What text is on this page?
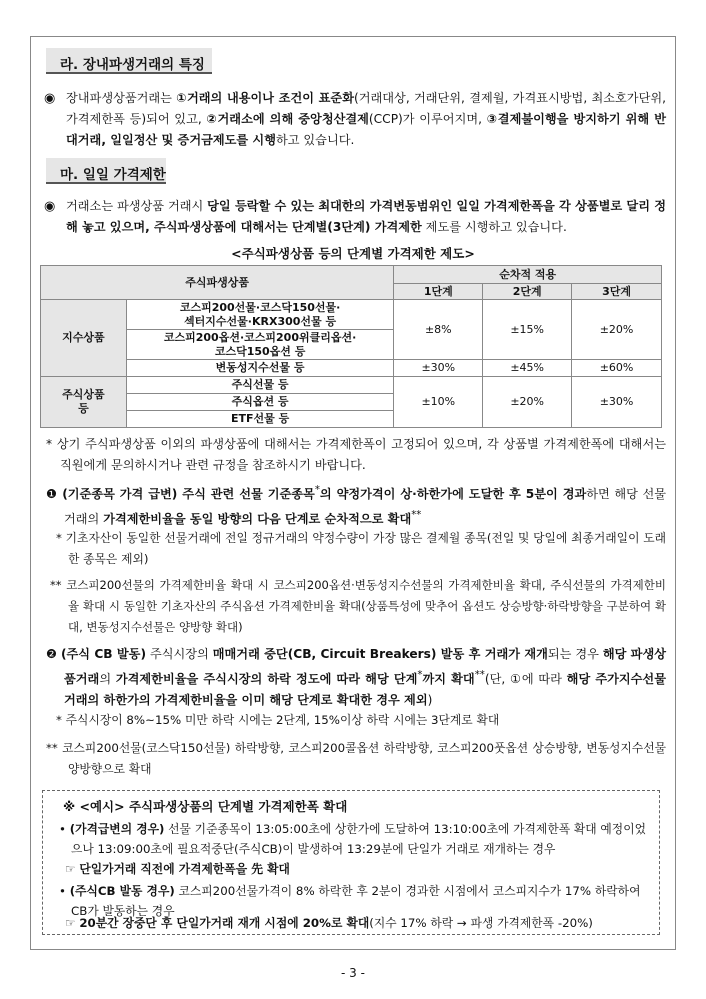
라. 장내파생거래의 특징
◉ 장내파생상품거래는 ①거래의 내용이나 조건이 표준화(거래대상, 거래단위, 결제월, 가격표시방법, 최소호가단위, 가격제한폭 등)되어 있고, ②거래소에 의해 중앙청산결제(CCP)가 이루어지며, ③결제불이행을 방지하기 위해 반대거래, 일일정산 및 증거금제도를 시행하고 있습니다.
마. 일일 가격제한
◉ 거래소는 파생상품 거래시 당일 등락할 수 있는 최대한의 가격변동범위인 일일 가격제한폭을 각 상품별로 달리 정해 놓고 있으며, 주식파생상품에 대해서는 단계별(3단계) 가격제한 제도를 시행하고 있습니다.
<주식파생상품 등의 단계별 가격제한 제도>
주식파생상품		순차적 적용		
		1단계	2단계	3단계
지수상품	코스피200선물·코스닥150선물·
섹터지수선물·KRX300선물 등	±8%	±15%	±20%
	코스피200옵션·코스피200위클리옵션·
코스닥150옵션 등			
	변동성지수선물 등	±30%	±45%	±60%
주식상품
등	주식선물 등	±10%	±20%	±30%
	주식옵션 등			
	ETF선물 등			
* 상기 주식파생상품 이외의 파생상품에 대해서는 가격제한폭이 고정되어 있으며, 각 상품별 가격제한폭에 대해서는 직원에게 문의하시거나 관련 규정을 참조하시기 바랍니다.
❶ (기준종목 가격 급변) 주식 관련 선물 기준종목*의 약정가격이 상·하한가에 도달한 후 5분이 경과하면 해당 선물거래의 가격제한비율을 동일 방향의 다음 단계로 순차적으로 확대**
* 기초자산이 동일한 선물거래에 전일 정규거래의 약정수량이 가장 많은 결제월 종목(전일 및 당일에 최종거래일이 도래한 종목은 제외)
** 코스피200선물의 가격제한비율 확대 시 코스피200옵션·변동성지수선물의 가격제한비율 확대, 주식선물의 가격제한비율 확대 시 동일한 기초자산의 주식옵션 가격제한비율 확대(상품특성에 맞추어 옵션도 상승방향·하락방향을 구분하여 확대, 변동성지수선물은 양방향 확대)
❷ (주식 CB 발동) 주식시장의 매매거래 중단(CB, Circuit Breakers) 발동 후 거래가 재개되는 경우 해당 파생상품거래의 가격제한비율을 주식시장의 하락 정도에 따라 해당 단계*까지 확대**(단, ①에 따라 해당 주가지수선물거래의 하한가의 가격제한비율을 이미 해당 단계로 확대한 경우 제외)
* 주식시장이 8%~15% 미만 하락 시에는 2단계, 15%이상 하락 시에는 3단계로 확대
** 코스피200선물(코스닥150선물) 하락방향, 코스피200콜옵션 하락방향, 코스피200풋옵션 상승방향, 변동성지수선물 양방향으로 확대
※ <예시> 주식파생상품의 단계별 가격제한폭 확대
• (가격급변의 경우) 선물 기준종목이 13:05:00초에 상한가에 도달하여 13:10:00초에 가격제한폭 확대 예정이었으나 13:09:00초에 필요적중단(주식CB)이 발생하여 13:29분에 단일가 거래로 재개하는 경우
☞ 단일가거래 직전에 가격제한폭을 先 확대
• (주식CB 발동 경우) 코스피200선물가격이 8% 하락한 후 2분이 경과한 시점에서 코스피지수가 17% 하락하여 CB가 발동하는 경우
☞ 20분간 장중단 후 단일가거래 재개 시점에 20%로 확대(지수 17% 하락 → 파생 가격제한폭 -20%)
- 3 -
